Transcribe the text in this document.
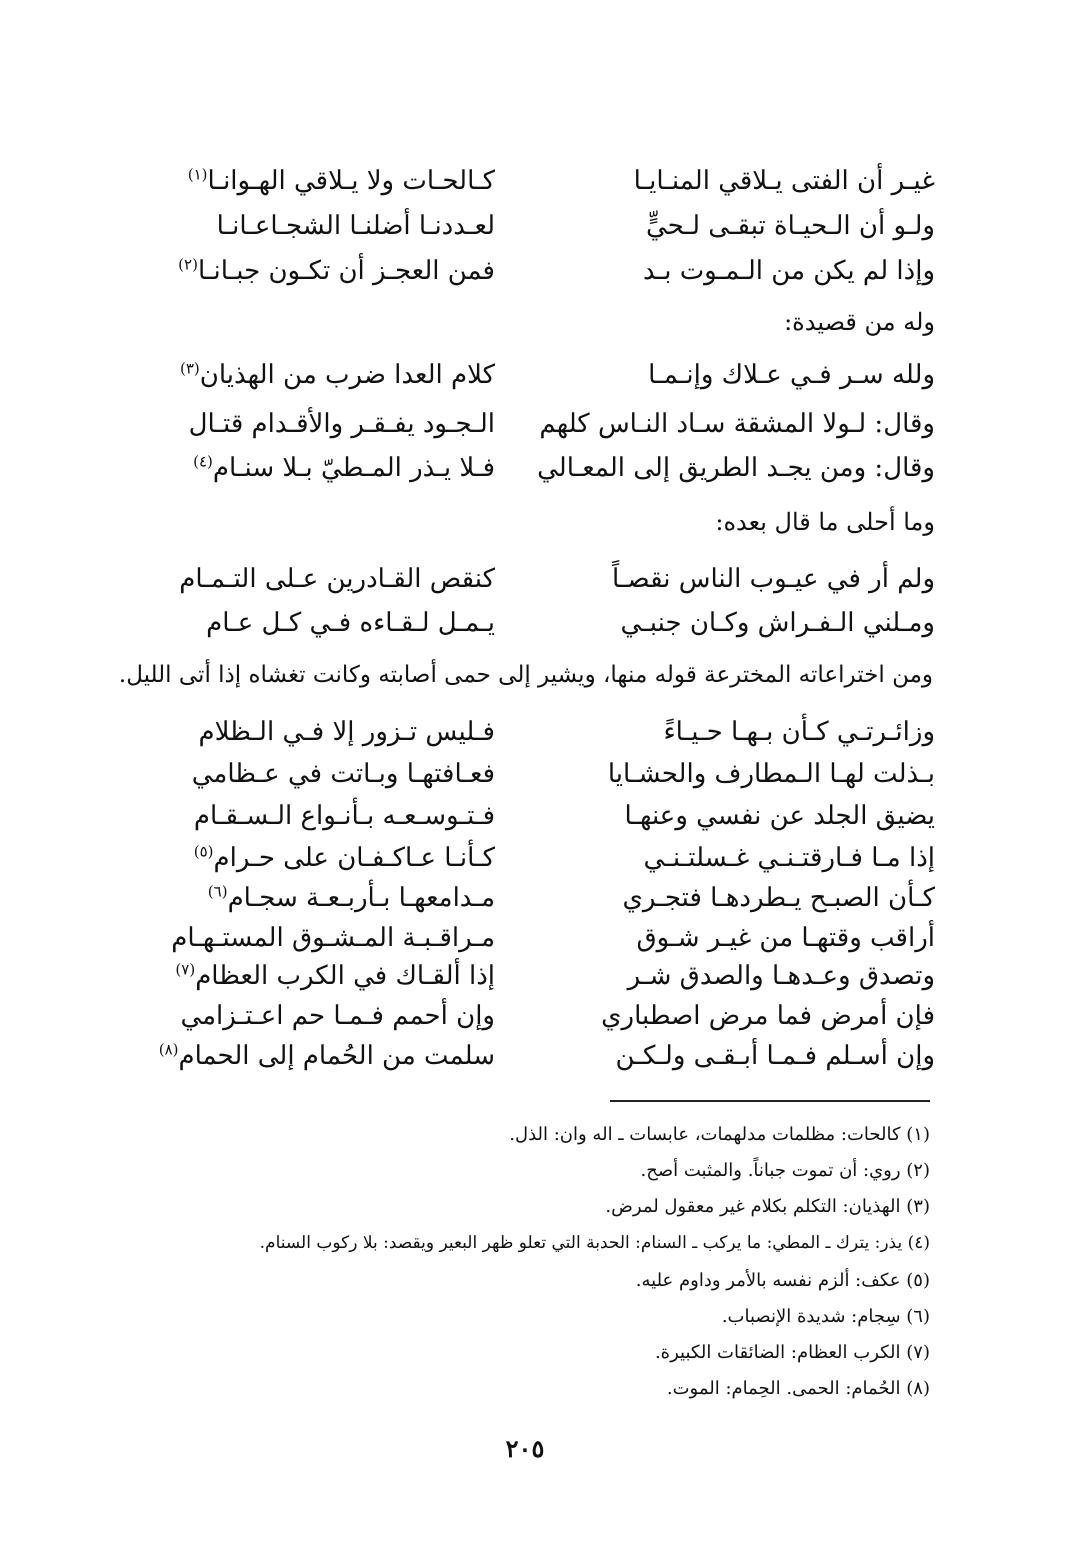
غيـر أن الفتى يـلاقي المنـايـا
كـالحـات ولا يـلاقي الهـوانـا$^{(١)}$
ولـو أن الـحيـاة تبقـى لـحيٍّ
لعـددنـا أضلنـا الشجـاعـانـا
وإذا لم يكن من الـمـوت بـد
فمن العجـز أن تكـون جبـانـا$^{(٢)}$
وله من قصيدة:
ولله سـر فـي عـلاك وإنـمـا
كلام العدا ضرب من الهذيان$^{(٣)}$
وقال: لـولا المشقة سـاد النـاس كلهم
الـجـود يفـقـر والأقـدام قتـال
وقال: ومن يجـد الطريق إلى المعـالي
فـلا يـذر المـطيّ بـلا سنـام$^{(٤)}$
وما أحلى ما قال بعده:
ولم أر في عيـوب الناس نقصـاً
كنقص القـادرين عـلى التـمـام
ومـلني الـفـراش وكـان جنبـي
يـمـل لـقـاءه فـي كـل عـام
ومن اختراعاته المخترعة قوله منها، ويشير إلى حمى أصابته وكانت تغشاه إذا أتى الليل.
وزائـرتـي كـأن بـهـا حـيـاءً
فـليس تـزور إلا فـي الـظلام
بـذلت لهـا الـمطارف والحشـايا
فعـافتهـا وبـاتت في عـظامي
يضيق الجلد عن نفسي وعنهـا
فـتـوسـعـه بـأنـواع الـسـقـام
إذا مـا فـارقتـنـي غـسلتـنـي
كـأنـا عـاكـفـان على حـرام$^{(٥)}$
كـأن الصبـح يـطردهـا فتجـري
مـدامعهـا بـأربـعـة سجـام$^{(٦)}$
أراقب وقتهـا من غيـر شـوق
مـراقـبـة المـشـوق المستـهـام
وتصدق وعـدهـا والصدق شـر
إذا ألقـاك في الكرب العظام$^{(٧)}$
فإن أمرض فما مرض اصطباري
وإن أحمم فـمـا حم اعـتـزامي
وإن أسـلم فـمـا أبـقـى ولـكـن
سلمت من الحُمام إلى الحمام$^{(٨)}$
(١) كالحات: مظلمات مدلهمات، عابسات ـ اله وان: الذل.
(٢) روي: أن تموت جباناً. والمثبت أصح.
(٣) الهذيان: التكلم بكلام غير معقول لمرض.
(٤) يذر: يترك ـ المطي: ما يركب ـ السنام: الحدبة التي تعلو ظهر البعير ويقصد: بلا ركوب السنام.
(٥) عكف: ألزم نفسه بالأمر وداوم عليه.
(٦) سِجام: شديدة الإنصباب.
(٧) الكرب العظام: الضائقات الكبيرة.
(٨) الحُمام: الحمى. الحِمام: الموت.
٢٠٥
